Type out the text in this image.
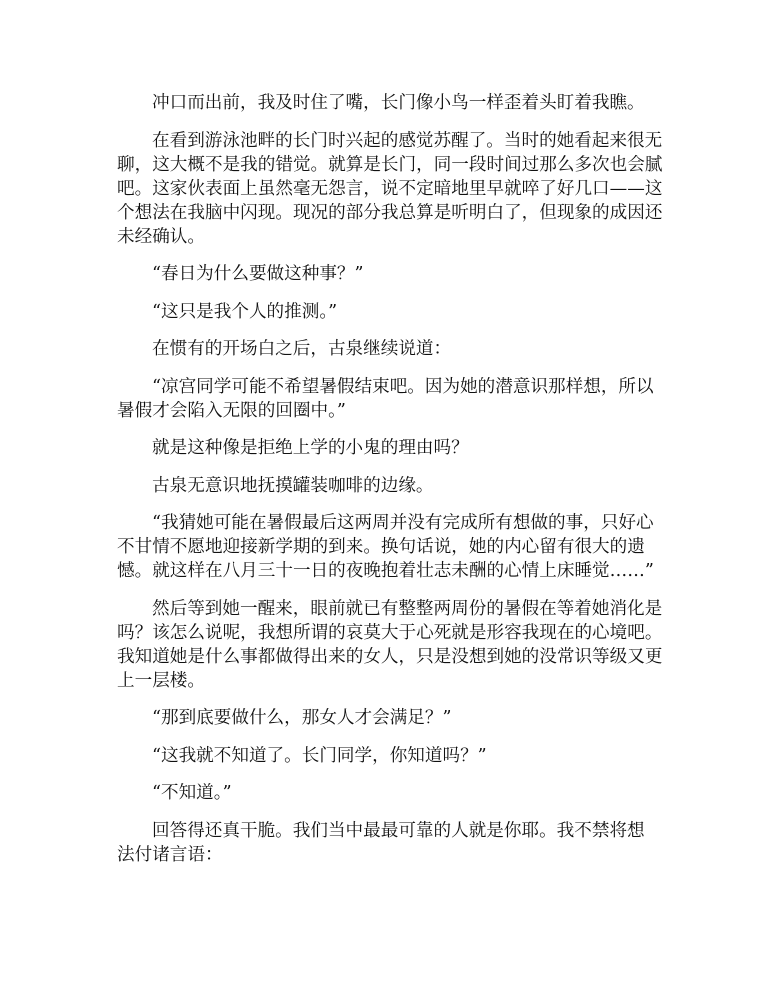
冲口而出前，我及时住了嘴，长门像小鸟一样歪着头盯着我瞧。
在看到游泳池畔的长门时兴起的感觉苏醒了。当时的她看起来很无
聊，这大概不是我的错觉。就算是长门，同一段时间过那么多次也会腻
吧。这家伙表面上虽然毫无怨言，说不定暗地里早就啐了好几口——这
个想法在我脑中闪现。现况的部分我总算是听明白了，但现象的成因还
未经确认。
“春日为什么要做这种事？”
“这只是我个人的推测。”
在惯有的开场白之后，古泉继续说道：
“凉宫同学可能不希望暑假结束吧。因为她的潜意识那样想，所以
暑假才会陷入无限的回圈中。”
就是这种像是拒绝上学的小鬼的理由吗？
古泉无意识地抚摸罐装咖啡的边缘。
“我猜她可能在暑假最后这两周并没有完成所有想做的事，只好心
不甘情不愿地迎接新学期的到来。换句话说，她的内心留有很大的遗
憾。就这样在八月三十一日的夜晚抱着壮志未酬的心情上床睡觉……”
然后等到她一醒来，眼前就已有整整两周份的暑假在等着她消化是
吗？该怎么说呢，我想所谓的哀莫大于心死就是形容我现在的心境吧。
我知道她是什么事都做得出来的女人，只是没想到她的没常识等级又更
上一层楼。
“那到底要做什么，那女人才会满足？”
“这我就不知道了。长门同学，你知道吗？”
“不知道。”
回答得还真干脆。我们当中最最可靠的人就是你耶。我不禁将想
法付诸言语：
